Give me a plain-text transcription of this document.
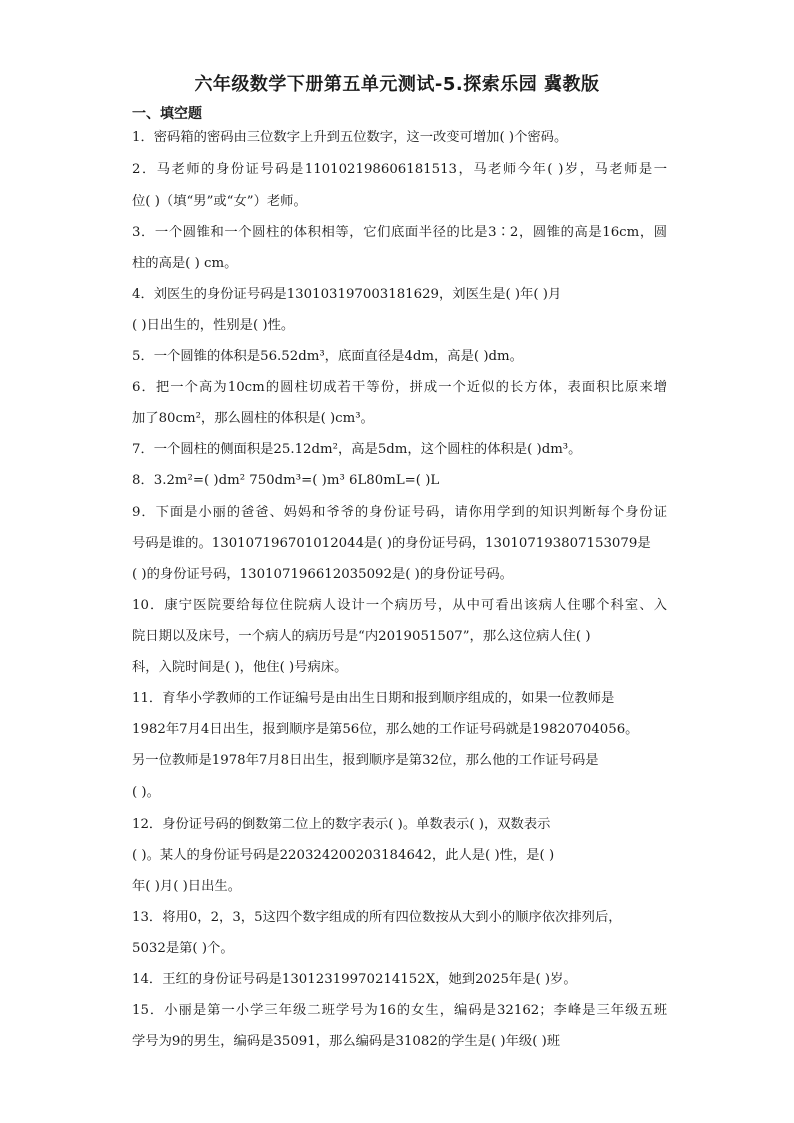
六年级数学下册第五单元测试-5.探索乐园 冀教版
一、填空题
1．密码箱的密码由三位数字上升到五位数字，这一改变可增加( )个密码。
2．马老师的身份证号码是110102198606181513，马老师今年( )岁，马老师是一
位( )（填“男”或“女”）老师。
3．一个圆锥和一个圆柱的体积相等，它们底面半径的比是3∶2，圆锥的高是16cm，圆
柱的高是( ) cm。
4．刘医生的身份证号码是130103197003181629，刘医生是( )年( )月
( )日出生的，性别是( )性。
5．一个圆锥的体积是56.52dm³，底面直径是4dm，高是( )dm。
6．把一个高为10cm的圆柱切成若干等份，拼成一个近似的长方体，表面积比原来增
加了80cm²，那么圆柱的体积是( )cm³。
7．一个圆柱的侧面积是25.12dm²，高是5dm，这个圆柱的体积是( )dm³。
8．3.2m²=( )dm² 750dm³=( )m³ 6L80mL=( )L
9．下面是小丽的爸爸、妈妈和爷爷的身份证号码，请你用学到的知识判断每个身份证
号码是谁的。130107196701012044是( )的身份证号码，130107193807153079是
( )的身份证号码，130107196612035092是( )的身份证号码。
10．康宁医院要给每位住院病人设计一个病历号，从中可看出该病人住哪个科室、入
院日期以及床号，一个病人的病历号是“内2019051507”，那么这位病人住( )
科，入院时间是( )，他住( )号病床。
11．育华小学教师的工作证编号是由出生日期和报到顺序组成的，如果一位教师是
1982年7月4日出生，报到顺序是第56位，那么她的工作证号码就是19820704056。
另一位教师是1978年7月8日出生，报到顺序是第32位，那么他的工作证号码是
( )。
12．身份证号码的倒数第二位上的数字表示( )。单数表示( )，双数表示
( )。某人的身份证号码是220324200203184642，此人是( )性，是( )
年( )月( )日出生。
13．将用0，2，3，5这四个数字组成的所有四位数按从大到小的顺序依次排列后，
5032是第( )个。
14．王红的身份证号码是13012319970214152X，她到2025年是( )岁。
15．小丽是第一小学三年级二班学号为16的女生，编码是32162；李峰是三年级五班
学号为9的男生，编码是35091，那么编码是31082的学生是( )年级( )班
